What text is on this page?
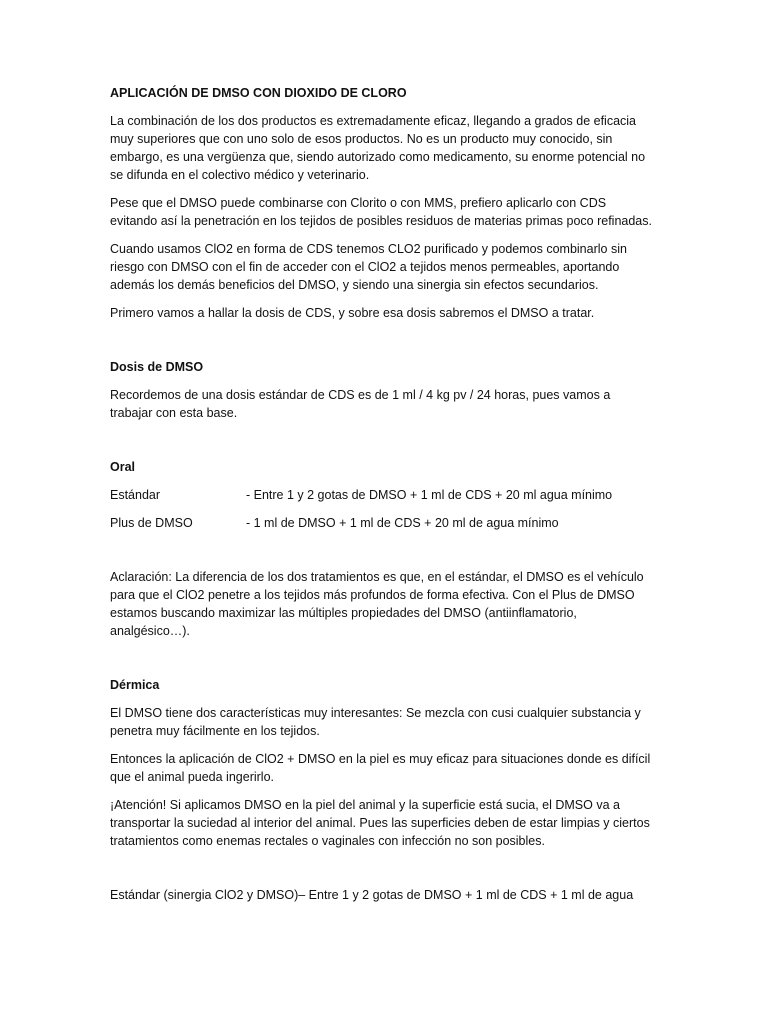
APLICACIÓN DE DMSO CON DIOXIDO DE CLORO

La combinación de los dos productos es extremadamente eficaz, llegando a grados de eficacia muy superiores que con uno solo de esos productos. No es un producto muy conocido, sin embargo, es una vergüenza que, siendo autorizado como medicamento, su enorme potencial no se difunda en el colectivo médico y veterinario.

Pese que el DMSO puede combinarse con Clorito o con MMS, prefiero aplicarlo con CDS evitando así la penetración en los tejidos de posibles residuos de materias primas poco refinadas.

Cuando usamos ClO2 en forma de CDS tenemos CLO2 purificado y podemos combinarlo sin riesgo con DMSO con el fin de acceder con el ClO2 a tejidos menos permeables, aportando además los demás beneficios del DMSO, y siendo una sinergia sin efectos secundarios.

Primero vamos a hallar la dosis de CDS, y sobre esa dosis sabremos el DMSO a tratar.

Dosis de DMSO

Recordemos de una dosis estándar de CDS es de 1 ml / 4 kg pv / 24 horas, pues vamos a trabajar con esta base.

Oral
Estándar	- Entre 1 y 2 gotas de DMSO + 1 ml de CDS + 20 ml agua mínimo
Plus de DMSO	- 1 ml de DMSO + 1 ml de CDS + 20 ml de agua mínimo

Aclaración: La diferencia de los dos tratamientos es que, en el estándar, el DMSO es el vehículo para que el ClO2 penetre a los tejidos más profundos de forma efectiva. Con el Plus de DMSO estamos buscando maximizar las múltiples propiedades del DMSO (antiinflamatorio, analgésico…).

Dérmica

El DMSO tiene dos características muy interesantes: Se mezcla con cusi cualquier substancia y penetra muy fácilmente en los tejidos.

Entonces la aplicación de ClO2 + DMSO en la piel es muy eficaz para situaciones donde es difícil que el animal pueda ingerirlo.

¡Atención! Si aplicamos DMSO en la piel del animal y la superficie está sucia, el DMSO va a transportar la suciedad al interior del animal. Pues las superficies deben de estar limpias y ciertos tratamientos como enemas rectales o vaginales con infección no son posibles.

Estándar (sinergia ClO2 y DMSO)– Entre 1 y 2 gotas de DMSO + 1 ml de CDS + 1 ml de agua
